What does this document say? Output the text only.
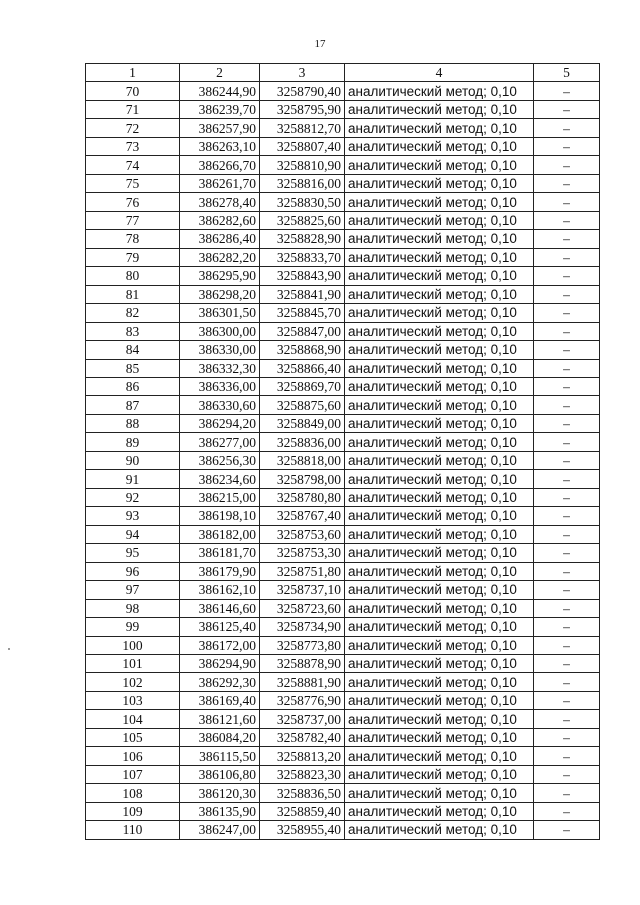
17
1	2	3	4	5
70	386244,90	3258790,40	аналитический метод; 0,10	–
71	386239,70	3258795,90	аналитический метод; 0,10	–
72	386257,90	3258812,70	аналитический метод; 0,10	–
73	386263,10	3258807,40	аналитический метод; 0,10	–
74	386266,70	3258810,90	аналитический метод; 0,10	–
75	386261,70	3258816,00	аналитический метод; 0,10	–
76	386278,40	3258830,50	аналитический метод; 0,10	–
77	386282,60	3258825,60	аналитический метод; 0,10	–
78	386286,40	3258828,90	аналитический метод; 0,10	–
79	386282,20	3258833,70	аналитический метод; 0,10	–
80	386295,90	3258843,90	аналитический метод; 0,10	–
81	386298,20	3258841,90	аналитический метод; 0,10	–
82	386301,50	3258845,70	аналитический метод; 0,10	–
83	386300,00	3258847,00	аналитический метод; 0,10	–
84	386330,00	3258868,90	аналитический метод; 0,10	–
85	386332,30	3258866,40	аналитический метод; 0,10	–
86	386336,00	3258869,70	аналитический метод; 0,10	–
87	386330,60	3258875,60	аналитический метод; 0,10	–
88	386294,20	3258849,00	аналитический метод; 0,10	–
89	386277,00	3258836,00	аналитический метод; 0,10	–
90	386256,30	3258818,00	аналитический метод; 0,10	–
91	386234,60	3258798,00	аналитический метод; 0,10	–
92	386215,00	3258780,80	аналитический метод; 0,10	–
93	386198,10	3258767,40	аналитический метод; 0,10	–
94	386182,00	3258753,60	аналитический метод; 0,10	–
95	386181,70	3258753,30	аналитический метод; 0,10	–
96	386179,90	3258751,80	аналитический метод; 0,10	–
97	386162,10	3258737,10	аналитический метод; 0,10	–
98	386146,60	3258723,60	аналитический метод; 0,10	–
99	386125,40	3258734,90	аналитический метод; 0,10	–
100	386172,00	3258773,80	аналитический метод; 0,10	–
101	386294,90	3258878,90	аналитический метод; 0,10	–
102	386292,30	3258881,90	аналитический метод; 0,10	–
103	386169,40	3258776,90	аналитический метод; 0,10	–
104	386121,60	3258737,00	аналитический метод; 0,10	–
105	386084,20	3258782,40	аналитический метод; 0,10	–
106	386115,50	3258813,20	аналитический метод; 0,10	–
107	386106,80	3258823,30	аналитический метод; 0,10	–
108	386120,30	3258836,50	аналитический метод; 0,10	–
109	386135,90	3258859,40	аналитический метод; 0,10	–
110	386247,00	3258955,40	аналитический метод; 0,10	–
